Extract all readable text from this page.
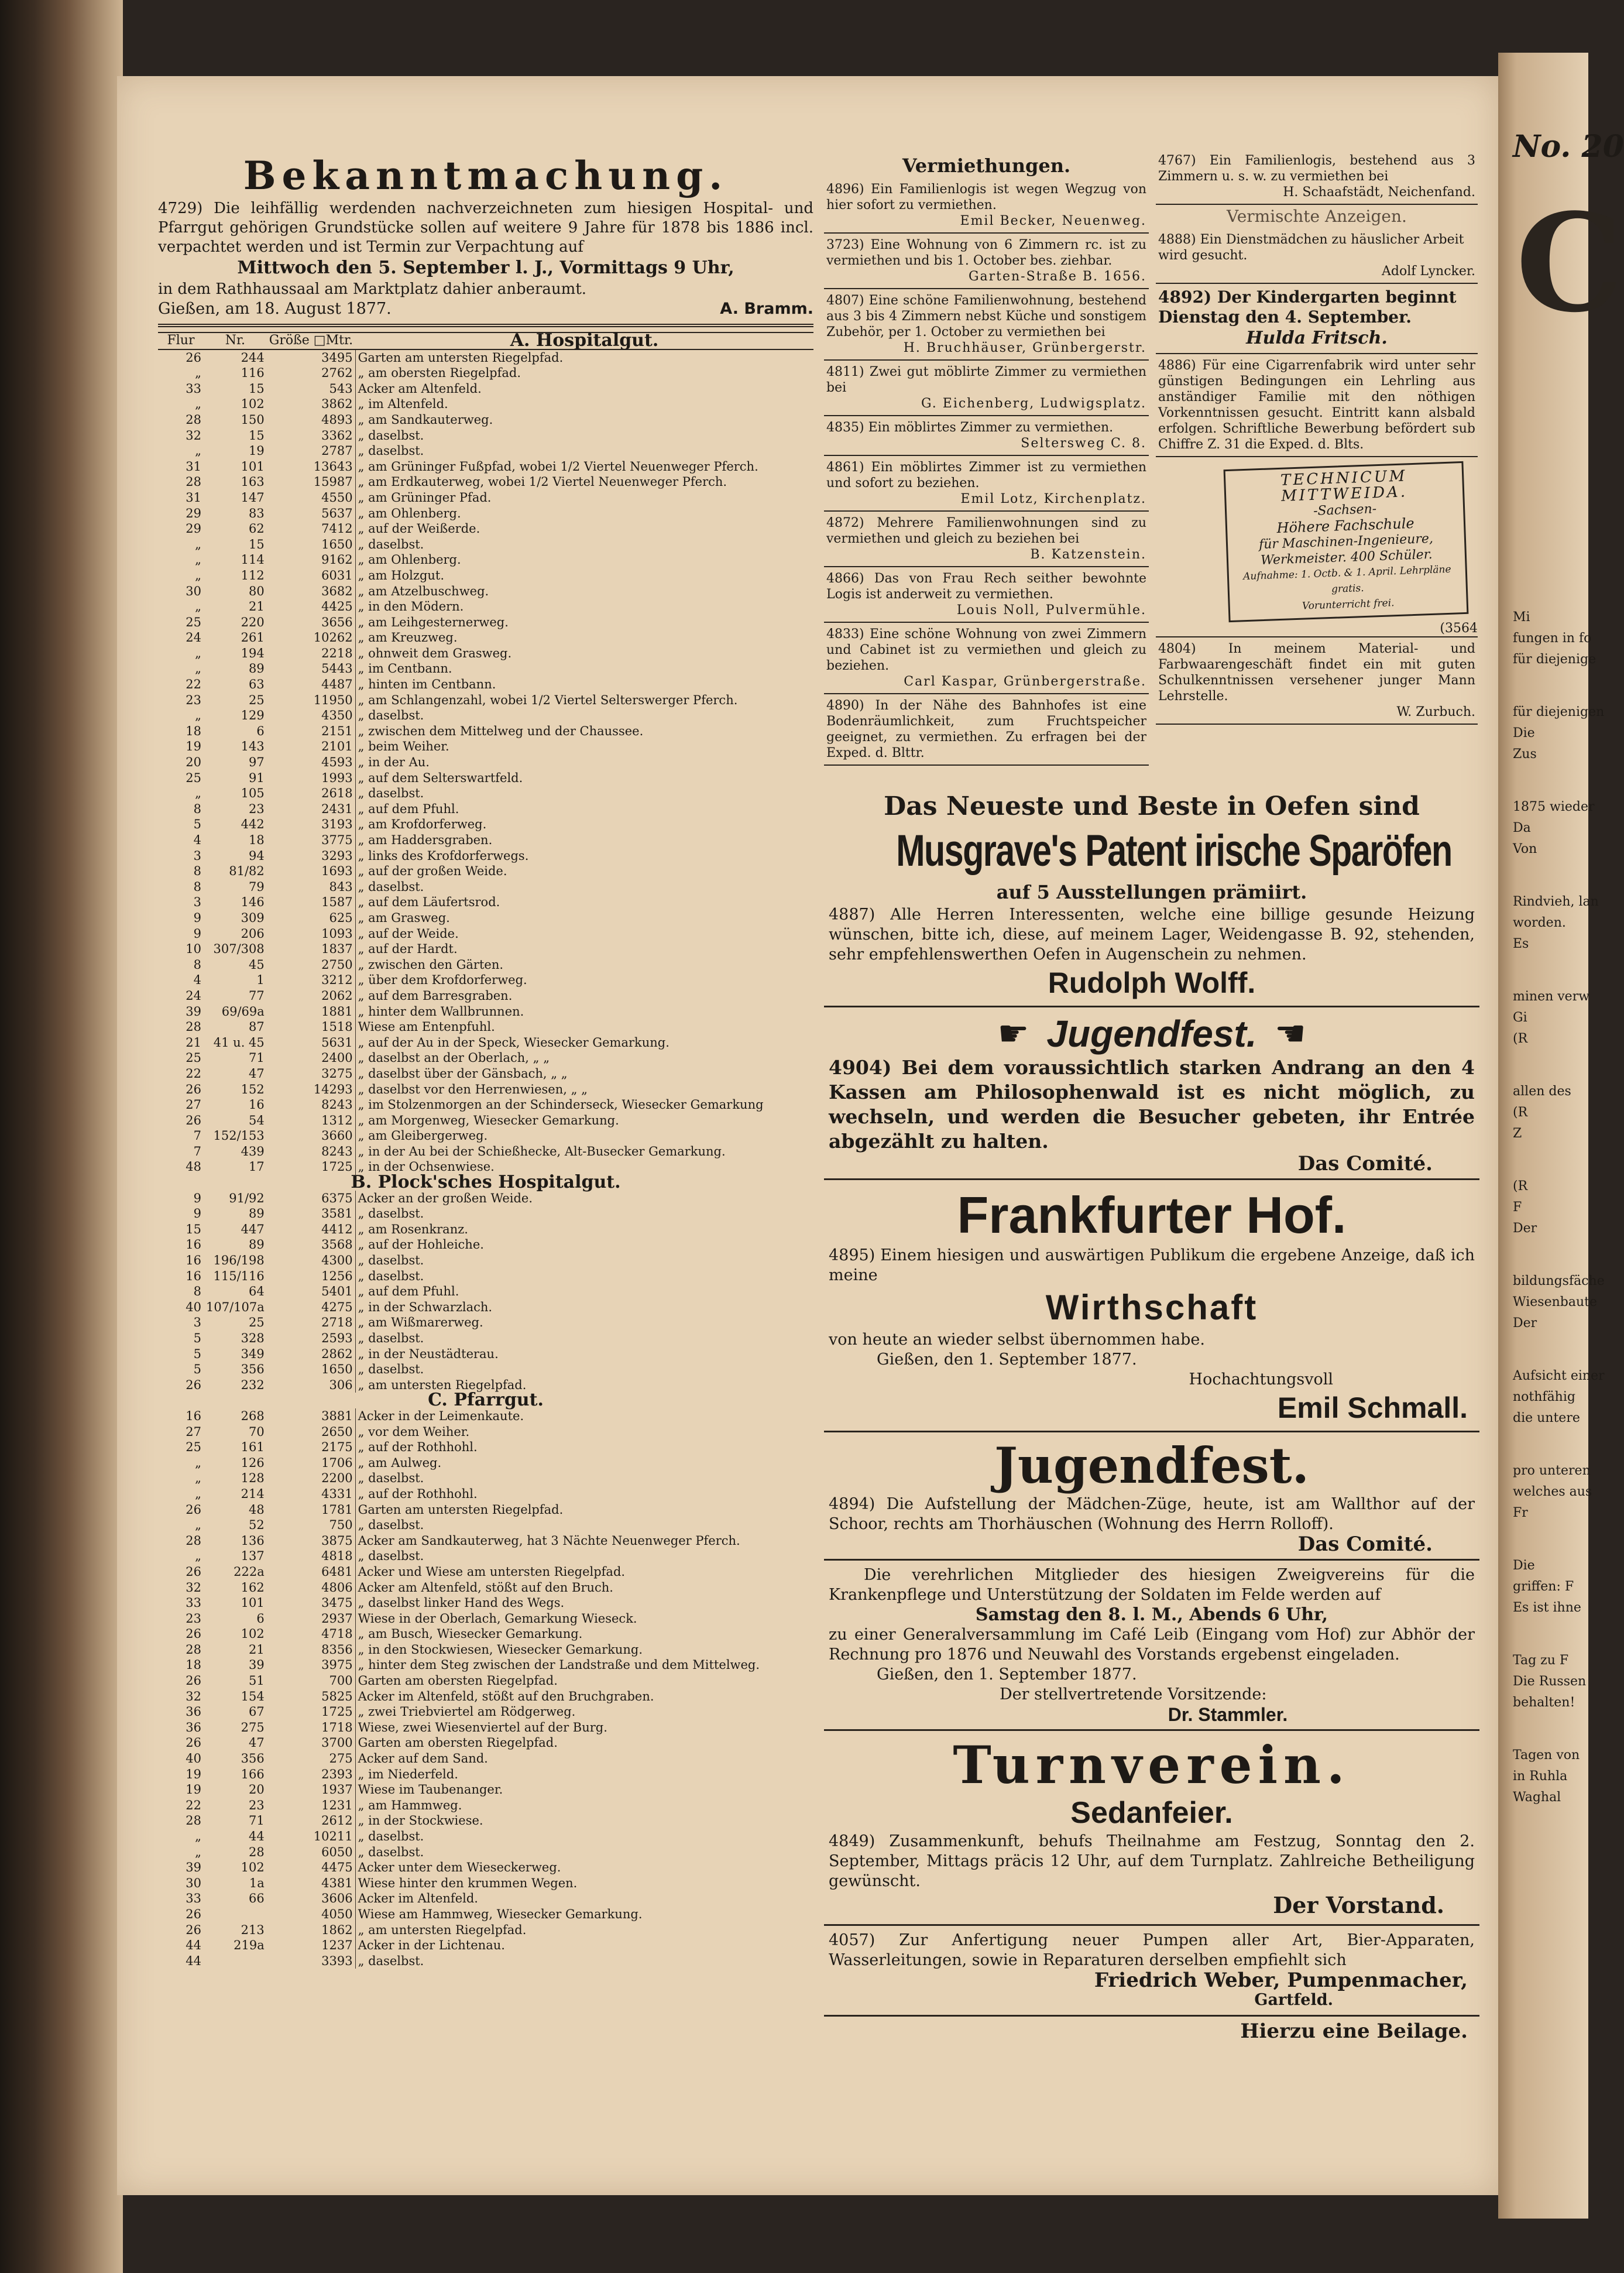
Bekanntmachung.

4729) Die leihfällig werdenden nachverzeichneten zum hiesigen Hospital- und Pfarrgut gehörigen Grundstücke sollen auf weitere 9 Jahre für 1878 bis 1886 incl. verpachtet werden und ist Termin zur Verpachtung auf

Mittwoch den 5. September l. J., Vormittags 9 Uhr,

in dem Rathhaussaal am Marktplatz dahier anberaumt.

Gießen, am 18. August 1877.	A. Bramm.
Flur	Nr.	Größe □Mtr.	A. Hospitalgut.
26	244	3495	Garten am untersten Riegelpfad.
„	116	2762	„ am obersten Riegelpfad.
33	15	543	Acker am Altenfeld.
„	102	3862	„ im Altenfeld.
28	150	4893	„ am Sandkauterweg.
32	15	3362	„ daselbst.
„	19	2787	„ daselbst.
31	101	13643	„ am Grüninger Fußpfad, wobei 1/2 Viertel Neuenweger Pferch.
28	163	15987	„ am Erdkauterweg, wobei 1/2 Viertel Neuenweger Pferch.
31	147	4550	„ am Grüninger Pfad.
29	83	5637	„ am Ohlenberg.
29	62	7412	„ auf der Weißerde.
„	15	1650	„ daselbst.
„	114	9162	„ am Ohlenberg.
„	112	6031	„ am Holzgut.
30	80	3682	„ am Atzelbuschweg.
„	21	4425	„ in den Mödern.
25	220	3656	„ am Leihgesternerweg.
24	261	10262	„ am Kreuzweg.
„	194	2218	„ ohnweit dem Grasweg.
„	89	5443	„ im Centbann.
22	63	4487	„ hinten im Centbann.
23	25	11950	„ am Schlangenzahl, wobei 1/2 Viertel Selterswerger Pferch.
„	129	4350	„ daselbst.
18	6	2151	„ zwischen dem Mittelweg und der Chaussee.
19	143	2101	„ beim Weiher.
20	97	4593	„ in der Au.
25	91	1993	„ auf dem Selterswartfeld.
„	105	2618	„ daselbst.
8	23	2431	„ auf dem Pfuhl.
5	442	3193	„ am Krofdorferweg.
4	18	3775	„ am Haddersgraben.
3	94	3293	„ links des Krofdorferwegs.
8	81/82	1693	„ auf der großen Weide.
8	79	843	„ daselbst.
3	146	1587	„ auf dem Läufertsrod.
9	309	625	„ am Grasweg.
9	206	1093	„ auf der Weide.
10	307/308	1837	„ auf der Hardt.
8	45	2750	„ zwischen den Gärten.
4	1	3212	„ über dem Krofdorferweg.
24	77	2062	„ auf dem Barresgraben.
39	69/69a	1881	„ hinter dem Wallbrunnen.
28	87	1518	Wiese am Entenpfuhl.
21	41 u. 45	5631	„ auf der Au in der Speck, Wiesecker Gemarkung.
25	71	2400	„ daselbst an der Oberlach, „ „
22	47	3275	„ daselbst über der Gänsbach, „ „
26	152	14293	„ daselbst vor den Herrenwiesen, „ „
27	16	8243	„ im Stolzenmorgen an der Schinderseck, Wiesecker Gemarkung
26	54	1312	„ am Morgenweg, Wiesecker Gemarkung.
7	152/153	3660	„ am Gleibergerweg.
7	439	8243	„ in der Au bei der Schießhecke, Alt-Busecker Gemarkung.
48	17	1725	„ in der Ochsenwiese.
B. Plock'sches Hospitalgut.			
9	91/92	6375	Acker an der großen Weide.
9	89	3581	„ daselbst.
15	447	4412	„ am Rosenkranz.
16	89	3568	„ auf der Hohleiche.
16	196/198	4300	„ daselbst.
16	115/116	1256	„ daselbst.
8	64	5401	„ auf dem Pfuhl.
40	107/107a	4275	„ in der Schwarzlach.
3	25	2718	„ am Wißmarerweg.
5	328	2593	„ daselbst.
5	349	2862	„ in der Neustädterau.
5	356	1650	„ daselbst.
26	232	306	„ am untersten Riegelpfad.
C. Pfarrgut.			
16	268	3881	Acker in der Leimenkaute.
27	70	2650	„ vor dem Weiher.
25	161	2175	„ auf der Rothhohl.
„	126	1706	„ am Aulweg.
„	128	2200	„ daselbst.
„	214	4331	„ auf der Rothhohl.
26	48	1781	Garten am untersten Riegelpfad.
„	52	750	„ daselbst.
28	136	3875	Acker am Sandkauterweg, hat 3 Nächte Neuenweger Pferch.
„	137	4818	„ daselbst.
26	222a	6481	Acker und Wiese am untersten Riegelpfad.
32	162	4806	Acker am Altenfeld, stößt auf den Bruch.
33	101	3475	„ daselbst linker Hand des Wegs.
23	6	2937	Wiese in der Oberlach, Gemarkung Wieseck.
26	102	4718	„ am Busch, Wiesecker Gemarkung.
28	21	8356	„ in den Stockwiesen, Wiesecker Gemarkung.
18	39	3975	„ hinter dem Steg zwischen der Landstraße und dem Mittelweg.
26	51	700	Garten am obersten Riegelpfad.
32	154	5825	Acker im Altenfeld, stößt auf den Bruchgraben.
36	67	1725	„ zwei Triebviertel am Rödgerweg.
36	275	1718	Wiese, zwei Wiesenviertel auf der Burg.
26	47	3700	Garten am obersten Riegelpfad.
40	356	275	Acker auf dem Sand.
19	166	2393	„ im Niederfeld.
19	20	1937	Wiese im Taubenanger.
22	23	1231	„ am Hammweg.
28	71	2612	„ in der Stockwiese.
„	44	10211	„ daselbst.
„	28	6050	„ daselbst.
39	102	4475	Acker unter dem Wieseckerweg.
30	1a	4381	Wiese hinter den krummen Wegen.
33	66	3606	Acker im Altenfeld.
26		4050	Wiese am Hammweg, Wiesecker Gemarkung.
26	213	1862	„ am untersten Riegelpfad.
44	219a	1237	Acker in der Lichtenau.
44		3393	„ daselbst.
Vermiethungen.

4896) Ein Familienlogis ist wegen Wegzug von hier sofort zu vermiethen.

Emil Becker, Neuenweg.

3723) Eine Wohnung von 6 Zimmern rc. ist zu vermiethen und bis 1. October bes. ziehbar.

Garten-Straße B. 1656.

4807) Eine schöne Familienwohnung, bestehend aus 3 bis 4 Zimmern nebst Küche und sonstigem Zubehör, per 1. October zu vermiethen bei

H. Bruchhäuser, Grünbergerstr.

4811) Zwei gut möblirte Zimmer zu vermiethen bei

G. Eichenberg, Ludwigsplatz.

4835) Ein möblirtes Zimmer zu vermiethen.

Seltersweg C. 8.

4861) Ein möblirtes Zimmer ist zu vermiethen und sofort zu beziehen.

Emil Lotz, Kirchenplatz.

4872) Mehrere Familienwohnungen sind zu vermiethen und gleich zu beziehen bei

B. Katzenstein.

4866) Das von Frau Rech seither bewohnte Logis ist anderweit zu vermiethen.

Louis Noll, Pulvermühle.

4833) Eine schöne Wohnung von zwei Zimmern und Cabinet ist zu vermiethen und gleich zu beziehen.

Carl Kaspar, Grünbergerstraße.

4890) In der Nähe des Bahnhofes ist eine Bodenräumlichkeit, zum Fruchtspeicher geeignet, zu vermiethen. Zu erfragen bei der Exped. d. Blttr.

4767) Ein Familienlogis, bestehend aus 3 Zimmern u. s. w. zu vermiethen bei

H. Schaafstädt, Neichenfand.

Vermischte Anzeigen.

4888) Ein Dienstmädchen zu häuslicher Arbeit wird gesucht.

Adolf Lyncker.

4892) Der Kindergarten beginnt Dienstag den 4. September.

Hulda Fritsch.

4886) Für eine Cigarrenfabrik wird unter sehr günstigen Bedingungen ein Lehrling aus anständiger Familie mit den nöthigen Vorkenntnissen gesucht. Eintritt kann alsbald erfolgen. Schriftliche Bewerbung befördert sub Chiffre Z. 31 die Exped. d. Blts.

TECHNICUM
MITTWEIDA.
-Sachsen-
Höhere Fachschule
für Maschinen-Ingenieure,
Werkmeister. 400 Schüler.
Aufnahme: 1. Octb. & 1. April. Lehrpläne gratis.
Vorunterricht frei.
(3564

4804) In meinem Material- und Farbwaarengeschäft findet ein mit guten Schulkenntnissen versehener junger Mann Lehrstelle.

W. Zurbuch.

Das Neueste und Beste in Oefen sind
Musgrave's Patent irische Sparöfen
auf 5 Ausstellungen prämiirt.

4887) Alle Herren Interessenten, welche eine billige gesunde Heizung wünschen, bitte ich, diese, auf meinem Lager, Weidengasse B. 92, stehenden, sehr empfehlenswerthen Oefen in Augenschein zu nehmen.

Rudolph Wolff.

☛ Jugendfest. ☛

4904) Bei dem voraussichtlich starken Andrang an den 4 Kassen am Philosophenwald ist es nicht möglich, zu wechseln, und werden die Besucher gebeten, ihr Entrée abgezählt zu halten.

Das Comité.

Frankfurter Hof.

4895) Einem hiesigen und auswärtigen Publikum die ergebene Anzeige, daß ich meine

Wirthschaft

von heute an wieder selbst übernommen habe.

Gießen, den 1. September 1877.

Hochachtungsvoll

Emil Schmall.

Jugendfest.

4894) Die Aufstellung der Mädchen-Züge, heute, ist am Wallthor auf der Schoor, rechts am Thorhäuschen (Wohnung des Herrn Rolloff).

Das Comité.

Die verehrlichen Mitglieder des hiesigen Zweigvereins für die Krankenpflege und Unterstützung der Soldaten im Felde werden auf

Samstag den 8. l. M., Abends 6 Uhr,

zu einer Generalversammlung im Café Leib (Eingang vom Hof) zur Abhör der Rechnung pro 1876 und Neuwahl des Vorstands ergebenst eingeladen.

Gießen, den 1. September 1877.

Der stellvertretende Vorsitzende:

Dr. Stammler.

Turnverein.
Sedanfeier.

4849) Zusammenkunft, behufs Theilnahme am Festzug, Sonntag den 2. September, Mittags präcis 12 Uhr, auf dem Turnplatz. Zahlreiche Betheiligung gewünscht.

Der Vorstand.

4057) Zur Anfertigung neuer Pumpen aller Art, Bier-Apparaten, Wasserleitungen, sowie in Reparaturen derselben empfiehlt sich

Friedrich Weber, Pumpenmacher,

Gartfeld.

Hierzu eine Beilage.

No. 20
C
Mi
fungen in fo
für diejenige
für diejenigen
Die
Zus
1875 wieder
Da
Von
Rindvieh, lan
worden.
Es
minen verw
Gi
(R
allen des
(R
Z
(R
F
Der
bildungsfäche
Wiesenbaute
Der
Aufsicht einer
nothfähig
die untere
pro unteren
welches aus
Fr
Die
griffen: F
Es ist ihne
Tag zu F
Die Russen
behalten!
Tagen von
in Ruhla
Waghal
